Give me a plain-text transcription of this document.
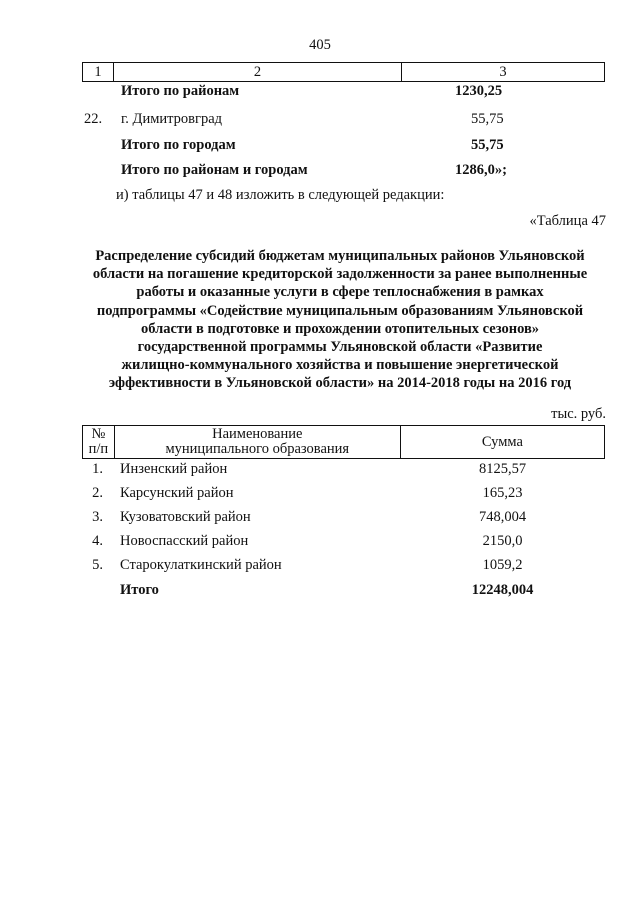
405
1	2	3
Итого по районам	1230,25
22. г. Димитровград	55,75
Итого по городам	55,75
Итого по районам и городам	1286,0»;
и) таблицы 47 и 48 изложить в следующей редакции:
«Таблица 47
Распределение субсидий бюджетам муниципальных районов Ульяновской
области на погашение кредиторской задолженности за ранее выполненные
работы и оказанные услуги в сфере теплоснабжения в рамках
подпрограммы «Содействие муниципальным образованиям Ульяновской
области в подготовке и прохождении отопительных сезонов»
государственной программы Ульяновской области «Развитие
жилищно-коммунального хозяйства и повышение энергетической
эффективности в Ульяновской области» на 2014-2018 годы на 2016 год
тыс. руб.
№
п/п

Наименование
муниципального образования	Сумма
1.	Инзенский район	8125,57
2.	Карсунский район	165,23
3.	Кузоватовский район	748,004
4.	Новоспасский район	2150,0
5.	Старокулаткинский район	1059,2
Итого	12248,004
